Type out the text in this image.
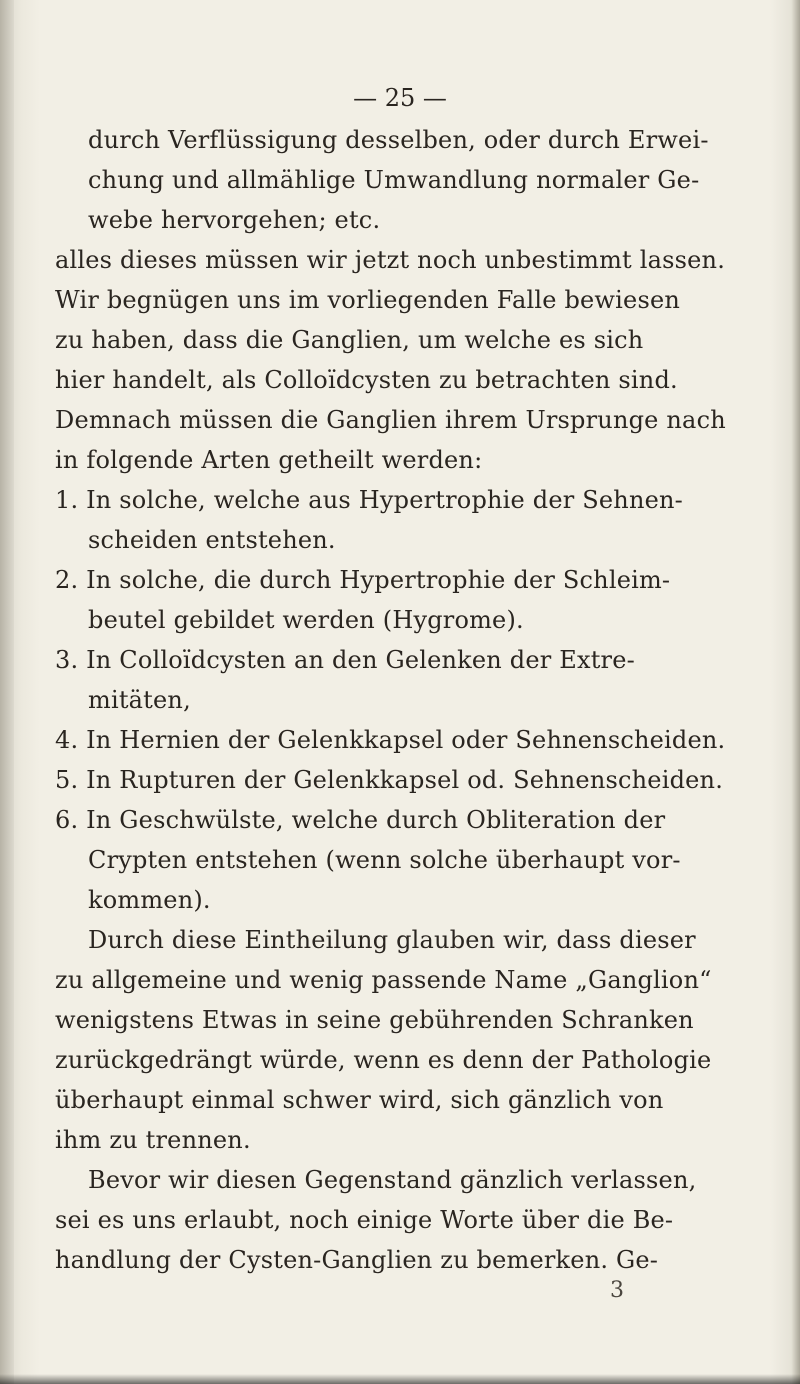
— 25 —
durch Verflüssigung desselben, oder durch Erwei-
chung und allmählige Umwandlung normaler Ge-
webe hervorgehen; etc.
alles dieses müssen wir jetzt noch unbestimmt lassen.
Wir begnügen uns im vorliegenden Falle bewiesen
zu haben, dass die Ganglien, um welche es sich
hier handelt, als Colloïdcysten zu betrachten sind.
Demnach müssen die Ganglien ihrem Ursprunge nach
in folgende Arten getheilt werden:
1. In solche, welche aus Hypertrophie der Sehnen-
scheiden entstehen.
2. In solche, die durch Hypertrophie der Schleim-
beutel gebildet werden (Hygrome).
3. In Colloïdcysten an den Gelenken der Extre-
mitäten,
4. In Hernien der Gelenkkapsel oder Sehnenscheiden.
5. In Rupturen der Gelenkkapsel od. Sehnenscheiden.
6. In Geschwülste, welche durch Obliteration der
Crypten entstehen (wenn solche überhaupt vor-
kommen).
Durch diese Eintheilung glauben wir, dass dieser
zu allgemeine und wenig passende Name „Ganglion“
wenigstens Etwas in seine gebührenden Schranken
zurückgedrängt würde, wenn es denn der Pathologie
überhaupt einmal schwer wird, sich gänzlich von
ihm zu trennen.
Bevor wir diesen Gegenstand gänzlich verlassen,
sei es uns erlaubt, noch einige Worte über die Be-
handlung der Cysten-Ganglien zu bemerken. Ge-
3
